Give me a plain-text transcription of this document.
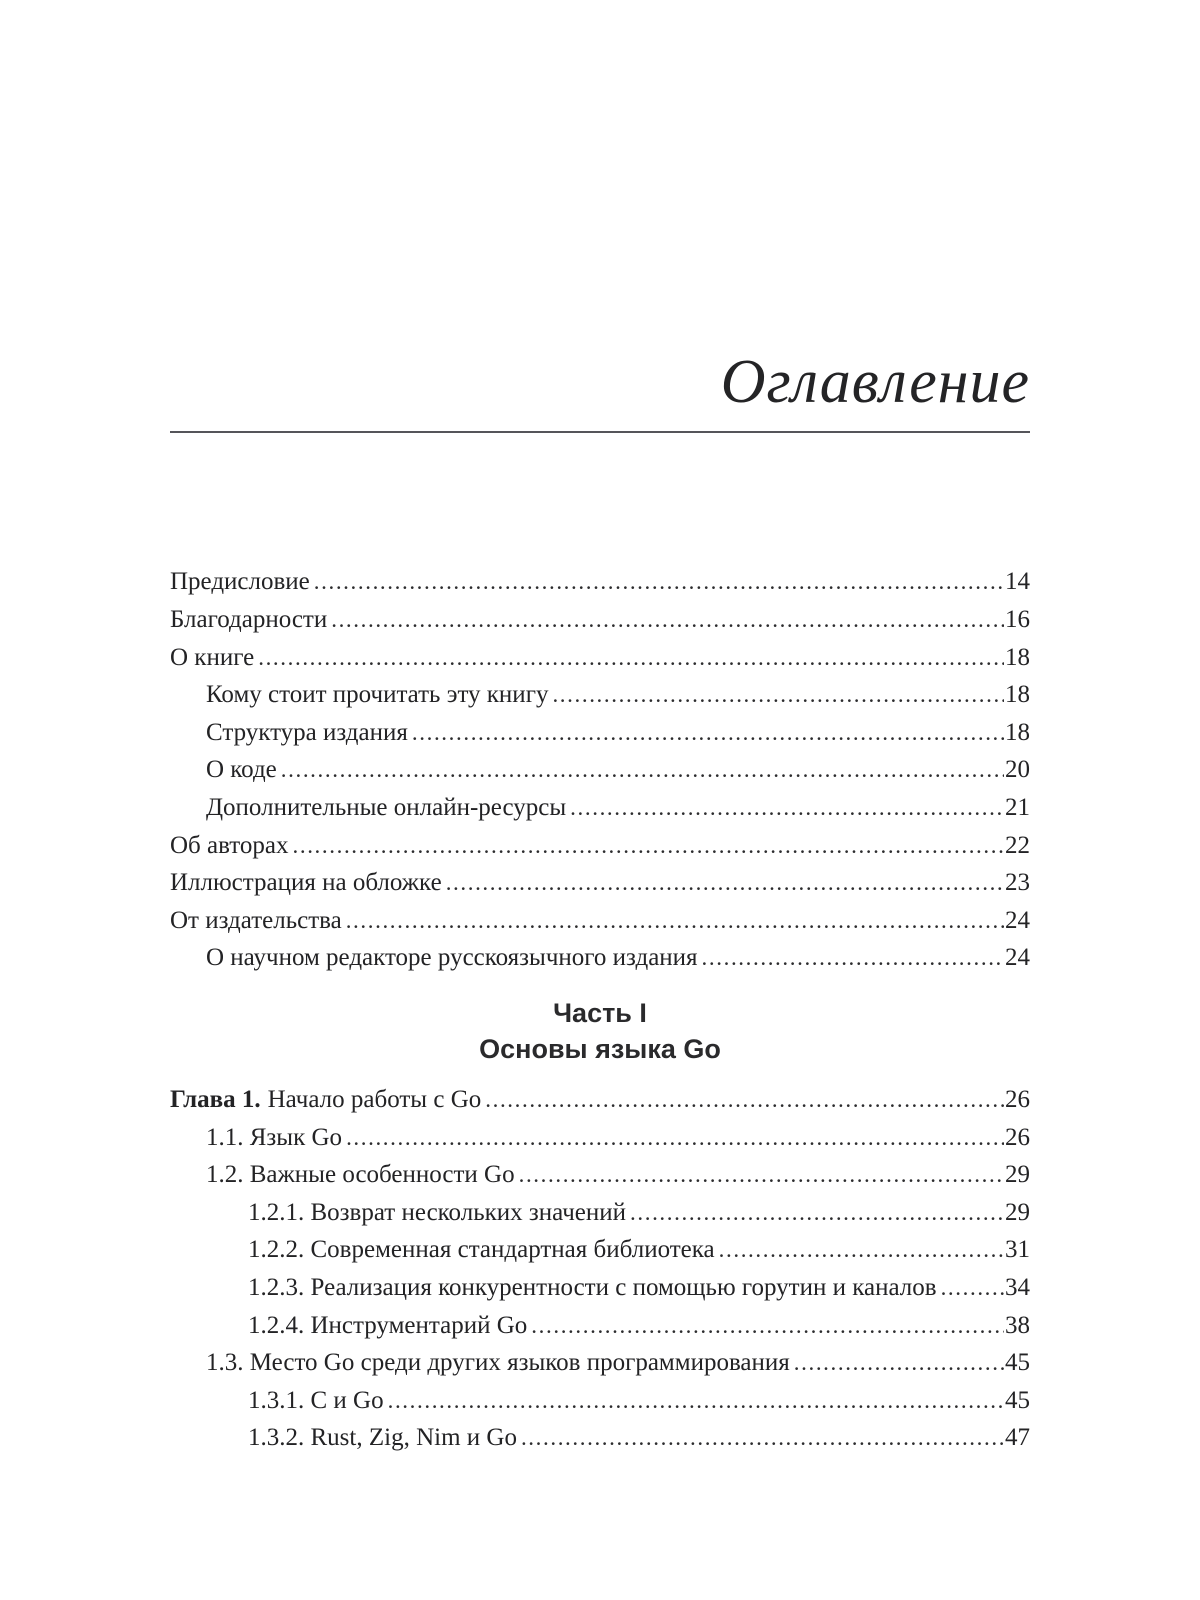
Оглавление
Предисловие .....	14
Благодарности .....	16
О книге .....	18
Кому стоит прочитать эту книгу .....	18
Структура издания .....	18
О коде .....	20
Дополнительные онлайн-ресурсы .....	21
Об авторах .....	22
Иллюстрация на обложке .....	23
От издательства .....	24
О научном редакторе русскоязычного издания .....	24
Часть I
Основы языка Go
Глава 1. Начало работы с Go .....	26
1.1. Язык Go .....	26
1.2. Важные особенности Go .....	29
1.2.1. Возврат нескольких значений .....	29
1.2.2. Современная стандартная библиотека .....	31
1.2.3. Реализация конкурентности с помощью горутин и каналов .....	34
1.2.4. Инструментарий Go .....	38
1.3. Место Go среди других языков программирования .....	45
1.3.1. C и Go .....	45
1.3.2. Rust, Zig, Nim и Go .....	47
